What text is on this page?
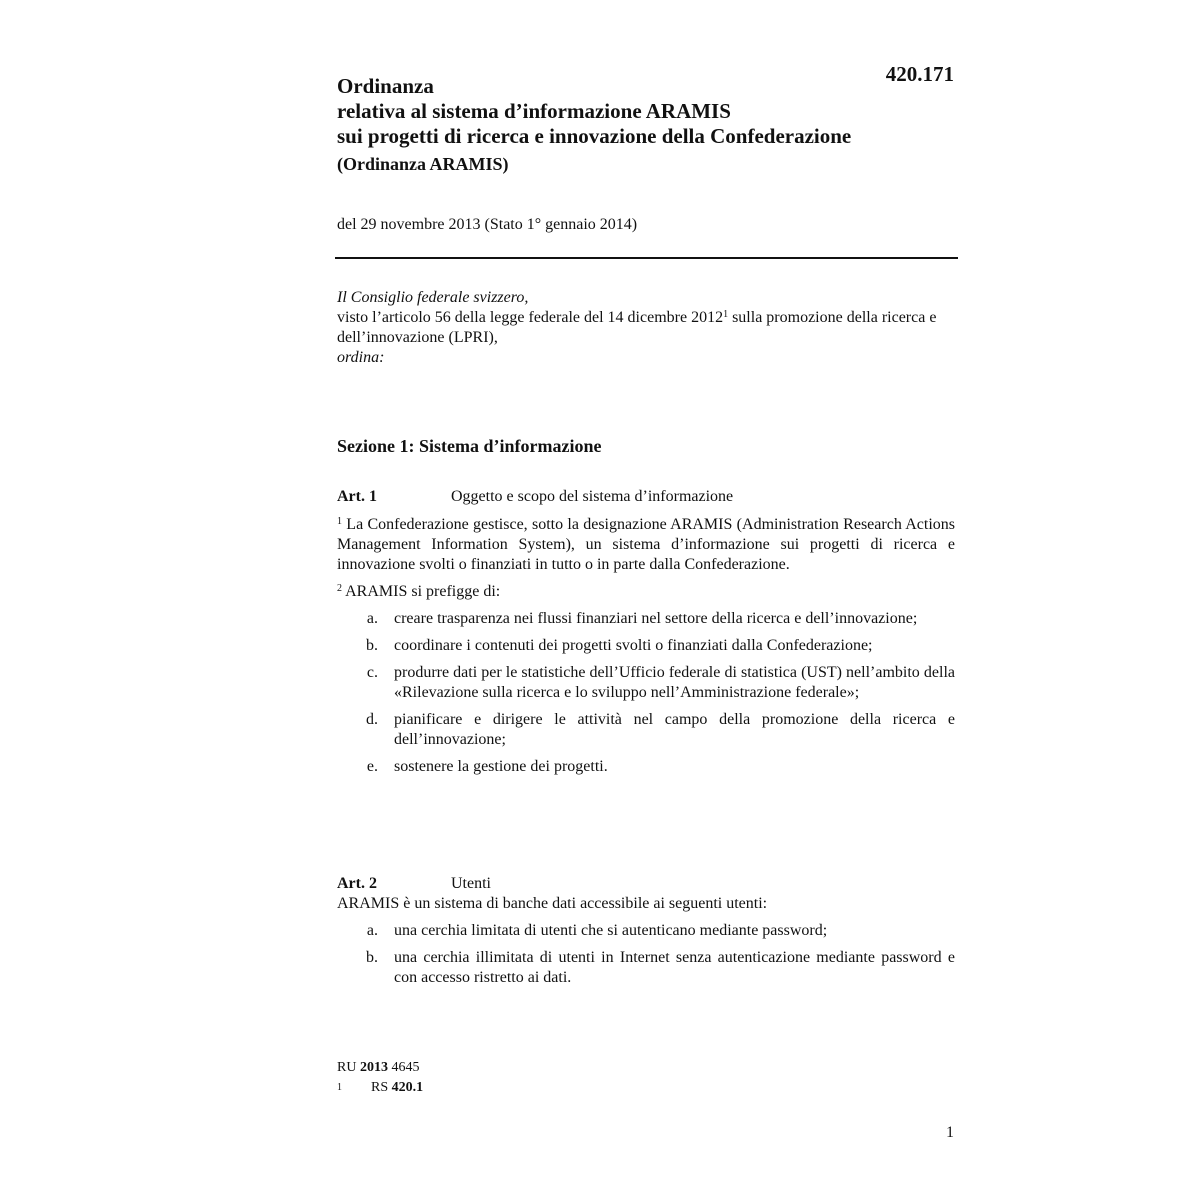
420.171
Ordinanza
relativa al sistema d’informazione ARAMIS
sui progetti di ricerca e innovazione della Confederazione
(Ordinanza ARAMIS)
del 29 novembre 2013 (Stato 1° gennaio 2014)

Il Consiglio federale svizzero,

visto l’articolo 56 della legge federale del 14 dicembre 2012$^1$ sulla promozione della ricerca e dell’innovazione (LPRI),

ordina:

Sezione 1: Sistema d’informazione
Art. 1	Oggetto e scopo del sistema d’informazione

$^1$ La Confederazione gestisce, sotto la designazione ARAMIS (Administration Research Actions Management Information System), un sistema d’informazione sui progetti di ricerca e innovazione svolti o finanziati in tutto o in parte dalla Confederazione.

$^2$ ARAMIS si prefigge di:

a.	creare trasparenza nei flussi finanziari nel settore della ricerca e dell’innovazione;
b.	coordinare i contenuti dei progetti svolti o finanziati dalla Confederazione;
c.	produrre dati per le statistiche dell’Ufficio federale di statistica (UST) nell’ambito della «Rilevazione sulla ricerca e lo sviluppo nell’Amministrazione federale»;
d.	pianificare e dirigere le attività nel campo della promozione della ricerca e dell’innovazione;
e.	sostenere la gestione dei progetti.
Art. 2	Utenti

ARAMIS è un sistema di banche dati accessibile ai seguenti utenti:

a.	una cerchia limitata di utenti che si autenticano mediante password;
b.	una cerchia illimitata di utenti in Internet senza autenticazione mediante password e con accesso ristretto ai dati.
RU
2013
4645
1	RS
420.1
1
